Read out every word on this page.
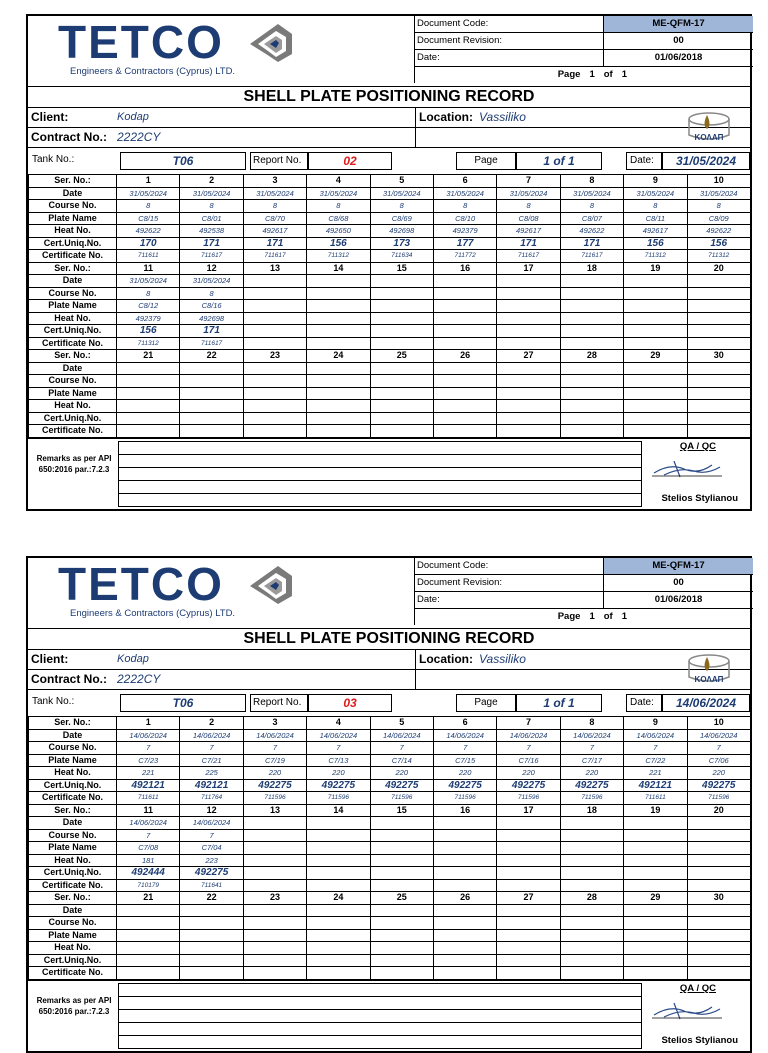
TETCO
Engineers & Contractors (Cyprus) LTD.
Document Code:	ME-QFM-17
Document Revision:	00
Date:	01/06/2018
Page 1 of 1
SHELL PLATE POSITIONING RECORD
Client:	Kodap	Location: Vassiliko
Contract No.: 2222CY	KOΛAΠ
Tank No.:	T06	Report No.	02	Page	1 of 1	Date:	31/05/2024
Ser. No.:	1	2	3	4	5	6	7	8	9	10
Date	31/05/2024	31/05/2024	31/05/2024	31/05/2024	31/05/2024	31/05/2024	31/05/2024	31/05/2024	31/05/2024	31/05/2024
Course No.	8	8	8	8	8	8	8	8	8	8
Plate Name	C8/15	C8/01	C8/70	C8/68	C8/69	C8/10	C8/08	C8/07	C8/11	C8/09
Heat No.	492622	492538	492617	492650	492698	492379	492617	492622	492617	492622
Cert.Uniq.No.	170	171	171	156	173	177	171	171	156	156
Certificate No.	711611	711617	711617	711312	711634	711772	711617	711617	711312	711312
Ser. No.:	11	12	13	14	15	16	17	18	19	20
Date	31/05/2024	31/05/2024								
Course No.	8	8								
Plate Name	C8/12	C8/16								
Heat No.	492379	492698								
Cert.Uniq.No.	156	171								
Certificate No.	711312	711617								
Ser. No.:	21	22	23	24	25	26	27	28	29	30
Date										
Course No.										
Plate Name										
Heat No.										
Cert.Uniq.No.										
Certificate No.										
Remarks as per API 650:2016 par.:7.2.3
QA / QC
Stelios Stylianou
TETCO
Engineers & Contractors (Cyprus) LTD.
Document Code:	ME-QFM-17
Document Revision:	00
Date:	01/06/2018
Page 1 of 1
SHELL PLATE POSITIONING RECORD
Client:	Kodap	Location: Vassiliko
Contract No.: 2222CY	KOΛAΠ
Tank No.:	T06	Report No.	03	Page	1 of 1	Date:	14/06/2024
Ser. No.:	1	2	3	4	5	6	7	8	9	10
Date	14/06/2024	14/06/2024	14/06/2024	14/06/2024	14/06/2024	14/06/2024	14/06/2024	14/06/2024	14/06/2024	14/06/2024
Course No.	7	7	7	7	7	7	7	7	7	7
Plate Name	C7/23	C7/21	C7/19	C7/13	C7/14	C7/15	C7/16	C7/17	C7/22	C7/06
Heat No.	221	225	220	220	220	220	220	220	221	220
Cert.Uniq.No.	492121	492121	492275	492275	492275	492275	492275	492275	492121	492275
Certificate No.	711611	711764	711596	711596	711596	711596	711596	711596	711611	711596
Ser. No.:	11	12	13	14	15	16	17	18	19	20
Date	14/06/2024	14/06/2024								
Course No.	7	7								
Plate Name	C7/08	C7/04								
Heat No.	181	223								
Cert.Uniq.No.	492444	492275								
Certificate No.	710179	711641								
Ser. No.:	21	22	23	24	25	26	27	28	29	30
Date										
Course No.										
Plate Name										
Heat No.										
Cert.Uniq.No.										
Certificate No.										
Remarks as per API 650:2016 par.:7.2.3
QA / QC
Stelios Stylianou
